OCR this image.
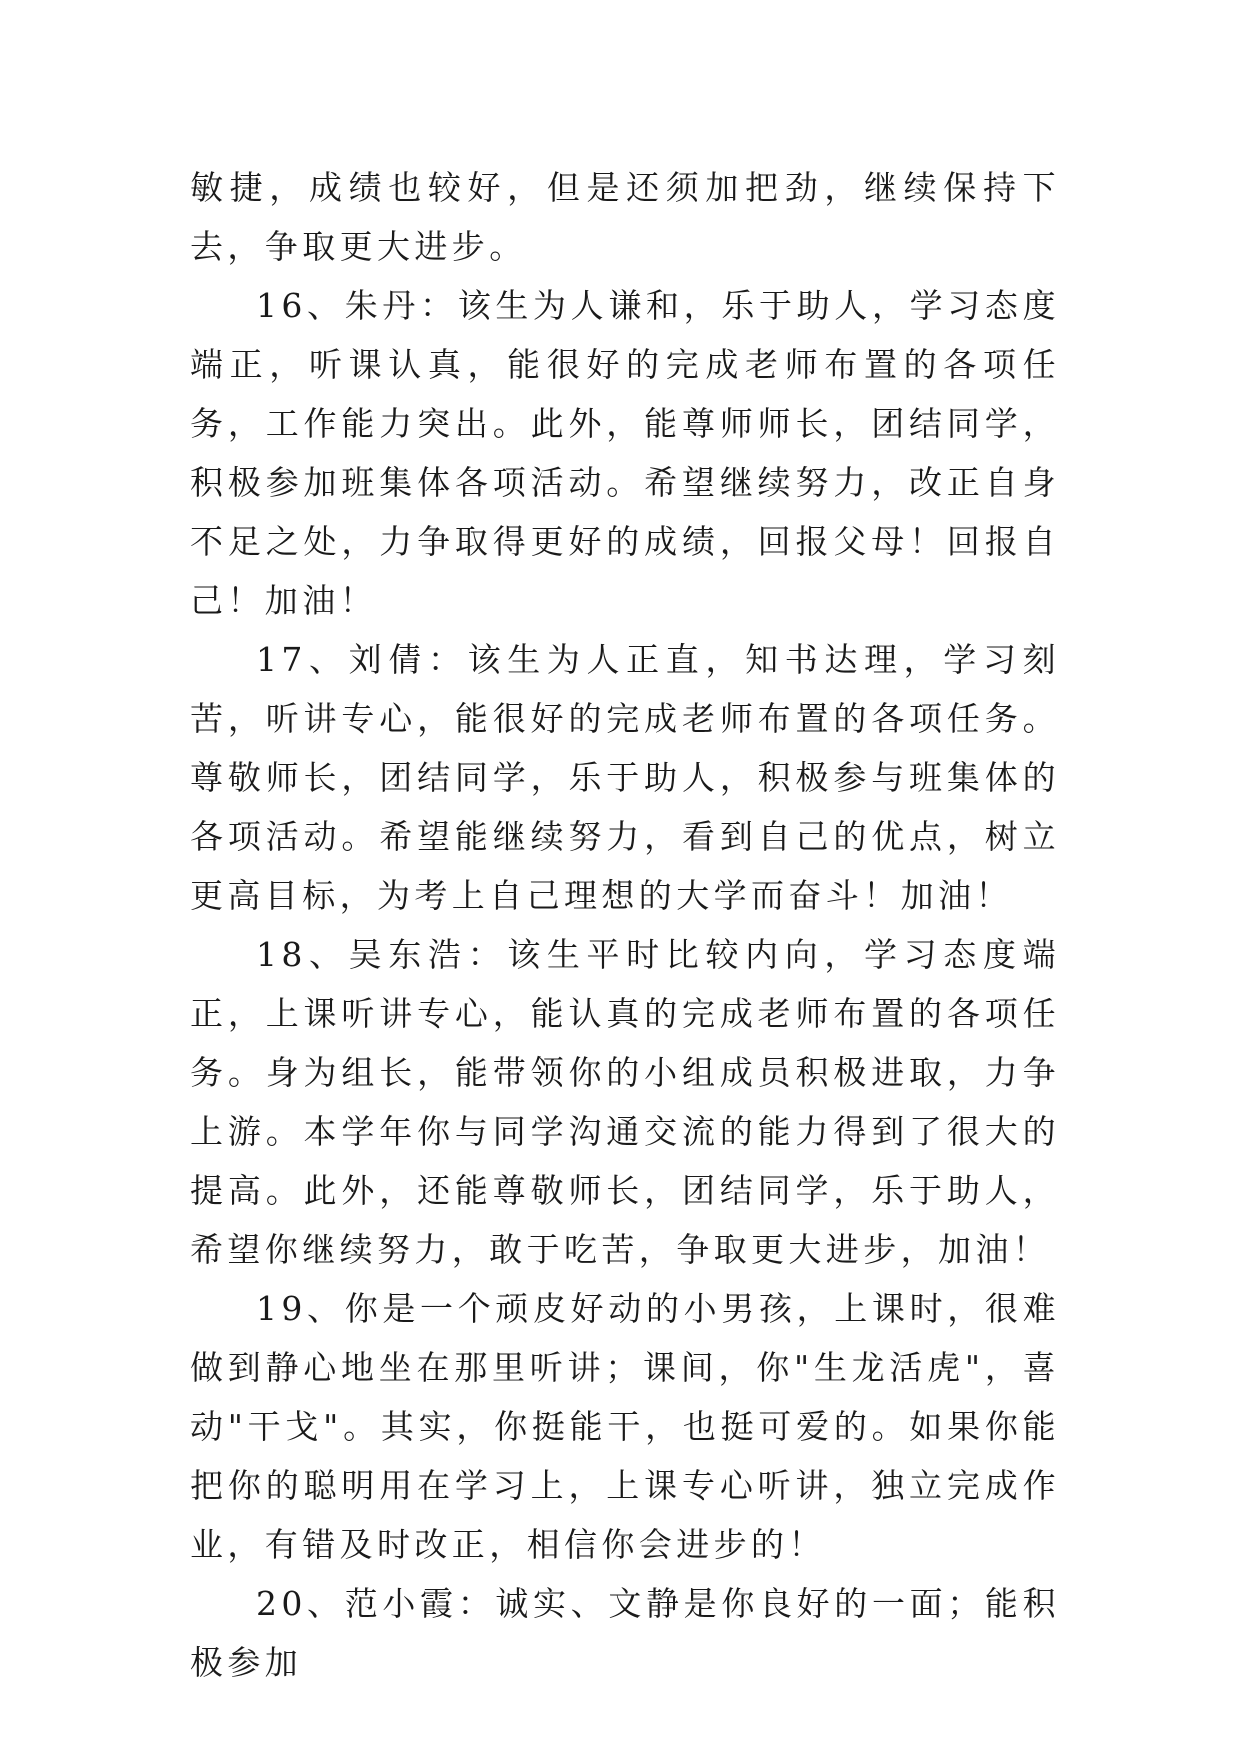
敏捷，成绩也较好，但是还须加把劲，继续保持下去，争取更大进步。

16、朱丹：该生为人谦和，乐于助人，学习态度端正，听课认真，能很好的完成老师布置的各项任务，工作能力突出。此外，能尊师师长，团结同学，积极参加班集体各项活动。希望继续努力，改正自身不足之处，力争取得更好的成绩，回报父母！回报自己！加油！

17、刘倩：该生为人正直，知书达理，学习刻苦，听讲专心，能很好的完成老师布置的各项任务。尊敬师长，团结同学，乐于助人，积极参与班集体的各项活动。希望能继续努力，看到自己的优点，树立更高目标，为考上自己理想的大学而奋斗！加油！

18、吴东浩：该生平时比较内向，学习态度端正，上课听讲专心，能认真的完成老师布置的各项任务。身为组长，能带领你的小组成员积极进取，力争上游。本学年你与同学沟通交流的能力得到了很大的提高。此外，还能尊敬师长，团结同学，乐于助人，希望你继续努力，敢于吃苦，争取更大进步，加油！

19、你是一个顽皮好动的小男孩，上课时，很难做到静心地坐在那里听讲；课间，你"生龙活虎"，喜动"干戈"。其实，你挺能干，也挺可爱的。如果你能把你的聪明用在学习上，上课专心听讲，独立完成作业，有错及时改正，相信你会进步的！

20、范小霞：诚实、文静是你良好的一面；能积极参加
